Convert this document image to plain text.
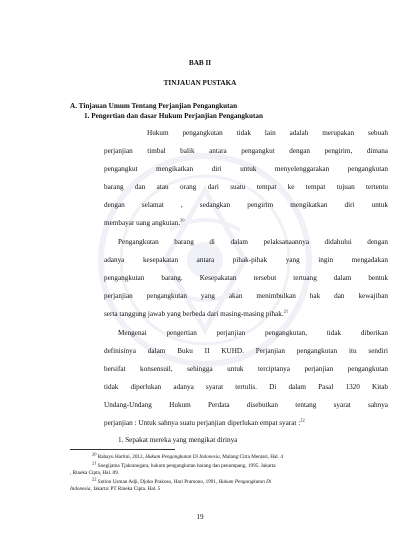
BAB II
TINJAUAN PUSTAKA
A. Tinjauan Umum Tentang Perjanjian Pengangkutan
1. Pengertian dan dasar Hukum Perjanjian Pengangkutan
Hukum pengangkutan tidak lain adalah merupakan sebuah
perjanjian timbal balik antara pengangkut dengan pengirim, dimana
pengangkut mengikatkan diri untuk menyelenggarakan pengangkutan
barang dan atau orang dari suatu tempat ke tempat tujuan tertentu
dengan selamat , sedangkan pengirim mengikatkan diri untuk
membayar uang angkutan.$^{20}$
Pengangkutan barang di dalam pelaksanaannya didahului dengan
adanya kesepakatan antara pihak-pihak yang ingin mengadakan
pengangkutan barang. Kesepakatan tersebut tertuang dalam bentuk
perjanjian pengangkutan yang akan menimbulkan hak dan kewajiban
serta tanggung jawab yang berbeda dari masing-masing pihak.$^{21}$
Mengenai pengertian perjanjian pengangkutan, tidak diberikan
definisinya dalam Buku II KUHD. Perjanjian pengangkutan itu sendiri
bersifat konsensuil, sehingga untuk terciptanya perjanjian pengangkutan
tidak diperlukan adanya syarat tertulis. Di dalam Pasal 1320 Kitab
Undang-Undang Hukum Perdata disebutkan tentang syarat sahnya
perjanjian : Untuk sahnya suatu perjanjian diperlukan empat syarat :$^{22}$
1. Sepakat mereka yang mengikat dirinya
$^{20}$ Rahayu Hartini, 2012, Hukum Pengangkutan Di Indonesia, Malang:Citra Mentari, Hal. 4
$^{21}$ Soegijatna Tjakranegara, hukum pengangkutan barang dan penumpang, 1995. Jakarta
, Rineka Cipta, Hal. 89.
$^{22}$ Sution Usman Adji, Djoko Prakoso, Hari Pramono, 1991, Hukum Pengangkutan Di
Indonesia, Jakarta: PT Rineka Cipta. Hal. 5
19
